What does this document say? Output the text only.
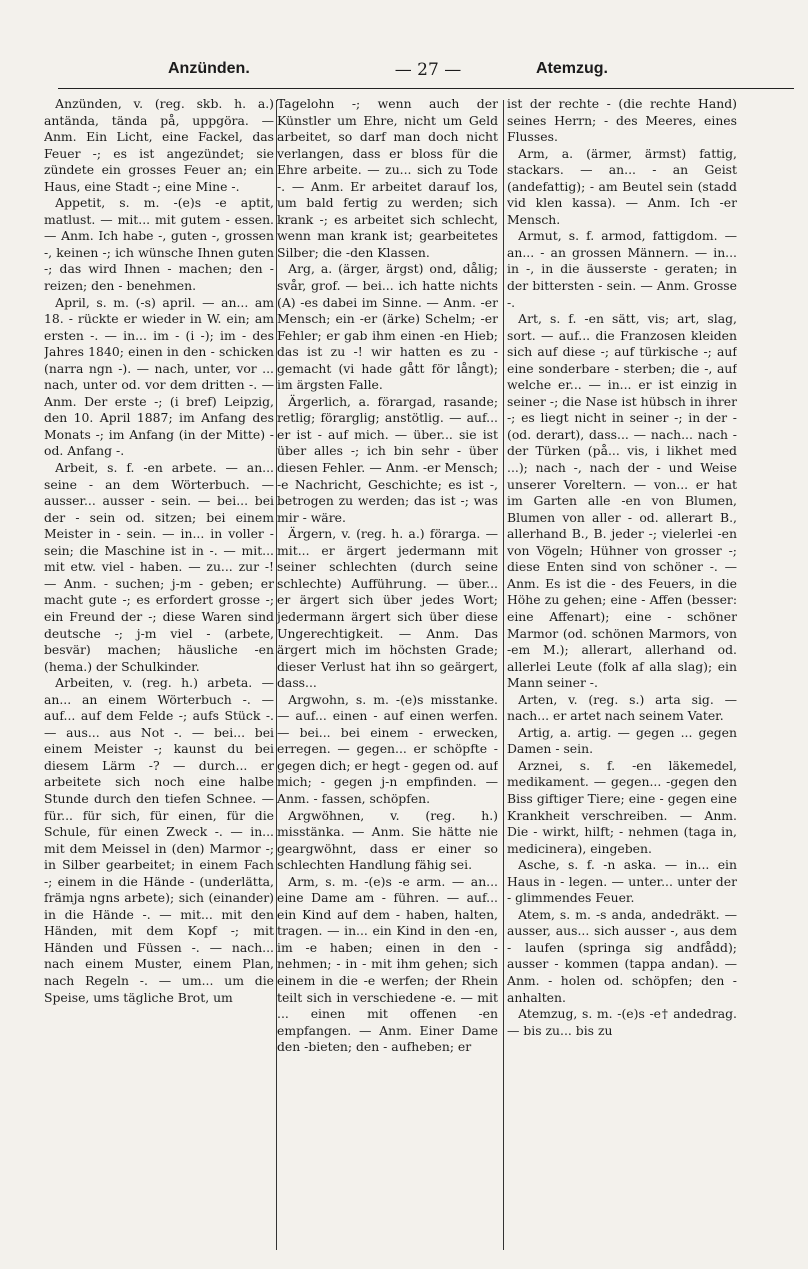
Anzünden.	— 27 —	Atemzug.

Anzünden, v. (reg. skb. h. a.) antända, tända på, uppgöra. — Anm. Ein Licht, eine Fackel, das Feuer -; es ist angezündet; sie zündete ein grosses Feuer an; ein Haus, eine Stadt -; eine Mine -.

Appetit, s. m. -(e)s -e aptit, matlust. — mit... mit gutem - essen. — Anm. Ich habe -, guten -, grossen -, keinen -; ich wünsche Ihnen guten -; das wird Ihnen - machen; den - reizen; den - benehmen.

April, s. m. (-s) april. — an... am 18. - rückte er wieder in W. ein; am ersten -. — in... im - (i -); im - des Jahres 1840; einen in den - schicken (narra ngn -). — nach, unter, vor ... nach, unter od. vor dem dritten -. — Anm. Der erste -; (i bref) Leipzig, den 10. April 1887; im Anfang des Monats -; im Anfang (in der Mitte) - od. Anfang -.

Arbeit, s. f. -en arbete. — an... seine - an dem Wörterbuch. — ausser... ausser - sein. — bei... bei der - sein od. sitzen; bei einem Meister in - sein. — in... in voller - sein; die Maschine ist in -. — mit... mit etw. viel - haben. — zu... zur -! — Anm. - suchen; j-m - geben; er macht gute -; es erfordert grosse -; ein Freund der -; diese Waren sind deutsche -; j-m viel - (arbete, besvär) machen; häusliche -en (hema.) der Schulkinder.

Arbeiten, v. (reg. h.) arbeta. — an... an einem Wörterbuch -. — auf... auf dem Felde -; aufs Stück -. — aus... aus Not -. — bei... bei einem Meister -; kaunst du bei diesem Lärm -? — durch... er arbeitete sich noch eine halbe Stunde durch den tiefen Schnee. — für... für sich, für einen, für die Schule, für einen Zweck -. — in... mit dem Meissel in (den) Marmor -; in Silber gearbeitet; in einem Fach -; einem in die Hände - (underlätta, främja ngns arbete); sich (einander) in die Hände -. — mit... mit den Händen, mit dem Kopf -; mit Händen und Füssen -. — nach... nach einem Muster, einem Plan, nach Regeln -. — um... um die Speise, ums tägliche Brot, um

Tagelohn -; wenn auch der Künstler um Ehre, nicht um Geld arbeitet, so darf man doch nicht verlangen, dass er bloss für die Ehre arbeite. — zu... sich zu Tode -. — Anm. Er arbeitet darauf los, um bald fertig zu werden; sich krank -; es arbeitet sich schlecht, wenn man krank ist; gearbeitetes Silber; die -den Klassen.

Arg, a. (ärger, ärgst) ond, dålig; svår, grof. — bei... ich hatte nichts (A) -es dabei im Sinne. — Anm. -er Mensch; ein -er (ärke) Schelm; -er Fehler; er gab ihm einen -en Hieb; das ist zu -! wir hatten es zu - gemacht (vi hade gått för långt); im ärgsten Falle.

Ärgerlich, a. förargad, rasande; retlig; förarglig; anstötlig. — auf... er ist - auf mich. — über... sie ist über alles -; ich bin sehr - über diesen Fehler. — Anm. -er Mensch; -e Nachricht, Geschichte; es ist -, betrogen zu werden; das ist -; was mir - wäre.

Ärgern, v. (reg. h. a.) förarga. — mit... er ärgert jedermann mit seiner schlechten (durch seine schlechte) Aufführung. — über... er ärgert sich über jedes Wort; jedermann ärgert sich über diese Ungerechtigkeit. — Anm. Das ärgert mich im höchsten Grade; dieser Verlust hat ihn so geärgert, dass...

Argwohn, s. m. -(e)s misstanke. — auf... einen - auf einen werfen. — bei... bei einem - erwecken, erregen. — gegen... er schöpfte - gegen dich; er hegt - gegen od. auf mich; - gegen j-n empfinden. — Anm. - fassen, schöpfen.

Argwöhnen, v. (reg. h.) misstänka. — Anm. Sie hätte nie geargwöhnt, dass er einer so schlechten Handlung fähig sei.

Arm, s. m. -(e)s -e arm. — an... eine Dame am - führen. — auf... ein Kind auf dem - haben, halten, tragen. — in... ein Kind in den -en, im -e haben; einen in den - nehmen; - in - mit ihm gehen; sich einem in die -e werfen; der Rhein teilt sich in verschiedene -e. — mit ... einen mit offenen -en empfangen. — Anm. Einer Dame den -bieten; den - aufheben; er

ist der rechte - (die rechte Hand) seines Herrn; - des Meeres, eines Flusses.

Arm, a. (ärmer, ärmst) fattig, stackars. — an... - an Geist (andefattig); - am Beutel sein (stadd vid klen kassa). — Anm. Ich -er Mensch.

Armut, s. f. armod, fattigdom. — an... - an grossen Männern. — in... in -, in die äusserste - geraten; in der bittersten - sein. — Anm. Grosse -.

Art, s. f. -en sätt, vis; art, slag, sort. — auf... die Franzosen kleiden sich auf diese -; auf türkische -; auf eine sonderbare - sterben; die -, auf welche er... — in... er ist einzig in seiner -; die Nase ist hübsch in ihrer -; es liegt nicht in seiner -; in der - (od. derart), dass... — nach... nach - der Türken (på... vis, i likhet med ...); nach -, nach der - und Weise unserer Voreltern. — von... er hat im Garten alle -en von Blumen, Blumen von aller - od. allerart B., allerhand B., B. jeder -; vielerlei -en von Vögeln; Hühner von grosser -; diese Enten sind von schöner -. — Anm. Es ist die - des Feuers, in die Höhe zu gehen; eine - Affen (besser: eine Affenart); eine - schöner Marmor (od. schönen Marmors, von -em M.); allerart, allerhand od. allerlei Leute (folk af alla slag); ein Mann seiner -.

Arten, v. (reg. s.) arta sig. — nach... er artet nach seinem Vater.

Artig, a. artig. — gegen ... gegen Damen - sein.

Arznei, s. f. -en läkemedel, medikament. — gegen... -gegen den Biss giftiger Tiere; eine - gegen eine Krankheit verschreiben. — Anm. Die - wirkt, hilft; - nehmen (taga in, medicinera), eingeben.

Asche, s. f. -n aska. — in... ein Haus in - legen. — unter... unter der - glimmendes Feuer.

Atem, s. m. -s anda, andedräkt. — ausser, aus... sich ausser -, aus dem - laufen (springa sig andfådd); ausser - kommen (tappa andan). — Anm. - holen od. schöpfen; den - anhalten.

Atemzug, s. m. -(e)s -e† andedrag. — bis zu... bis zu
